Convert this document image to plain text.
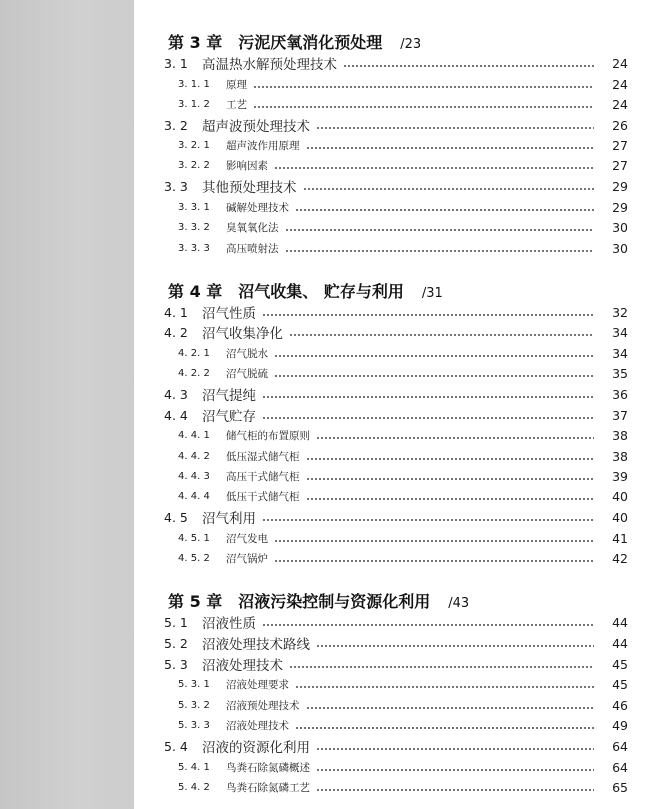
第 3 章　污泥厌氧消化预处理 /23
3. 1	高温热水解预处理技术	24
3. 1. 1	原理	24
3. 1. 2	工艺	24
3. 2	超声波预处理技术	26
3. 2. 1	超声波作用原理	27
3. 2. 2	影响因素	27
3. 3	其他预处理技术	29
3. 3. 1	碱解处理技术	29
3. 3. 2	臭氧氧化法	30
3. 3. 3	高压喷射法	30
第 4 章　沼气收集、 贮存与利用 /31
4. 1	沼气性质	32
4. 2	沼气收集净化	34
4. 2. 1	沼气脱水	34
4. 2. 2	沼气脱硫	35
4. 3	沼气提纯	36
4. 4	沼气贮存	37
4. 4. 1	储气柜的布置原则	38
4. 4. 2	低压湿式储气柜	38
4. 4. 3	高压干式储气柜	39
4. 4. 4	低压干式储气柜	40
4. 5	沼气利用	40
4. 5. 1	沼气发电	41
4. 5. 2	沼气锅炉	42
第 5 章　沼液污染控制与资源化利用 /43
5. 1	沼液性质	44
5. 2	沼液处理技术路线	44
5. 3	沼液处理技术	45
5. 3. 1	沼液处理要求	45
5. 3. 2	沼液预处理技术	46
5. 3. 3	沼液处理技术	49
5. 4	沼液的资源化利用	64
5. 4. 1	鸟粪石除氮磷概述	64
5. 4. 2	鸟粪石除氮磷工艺	65
